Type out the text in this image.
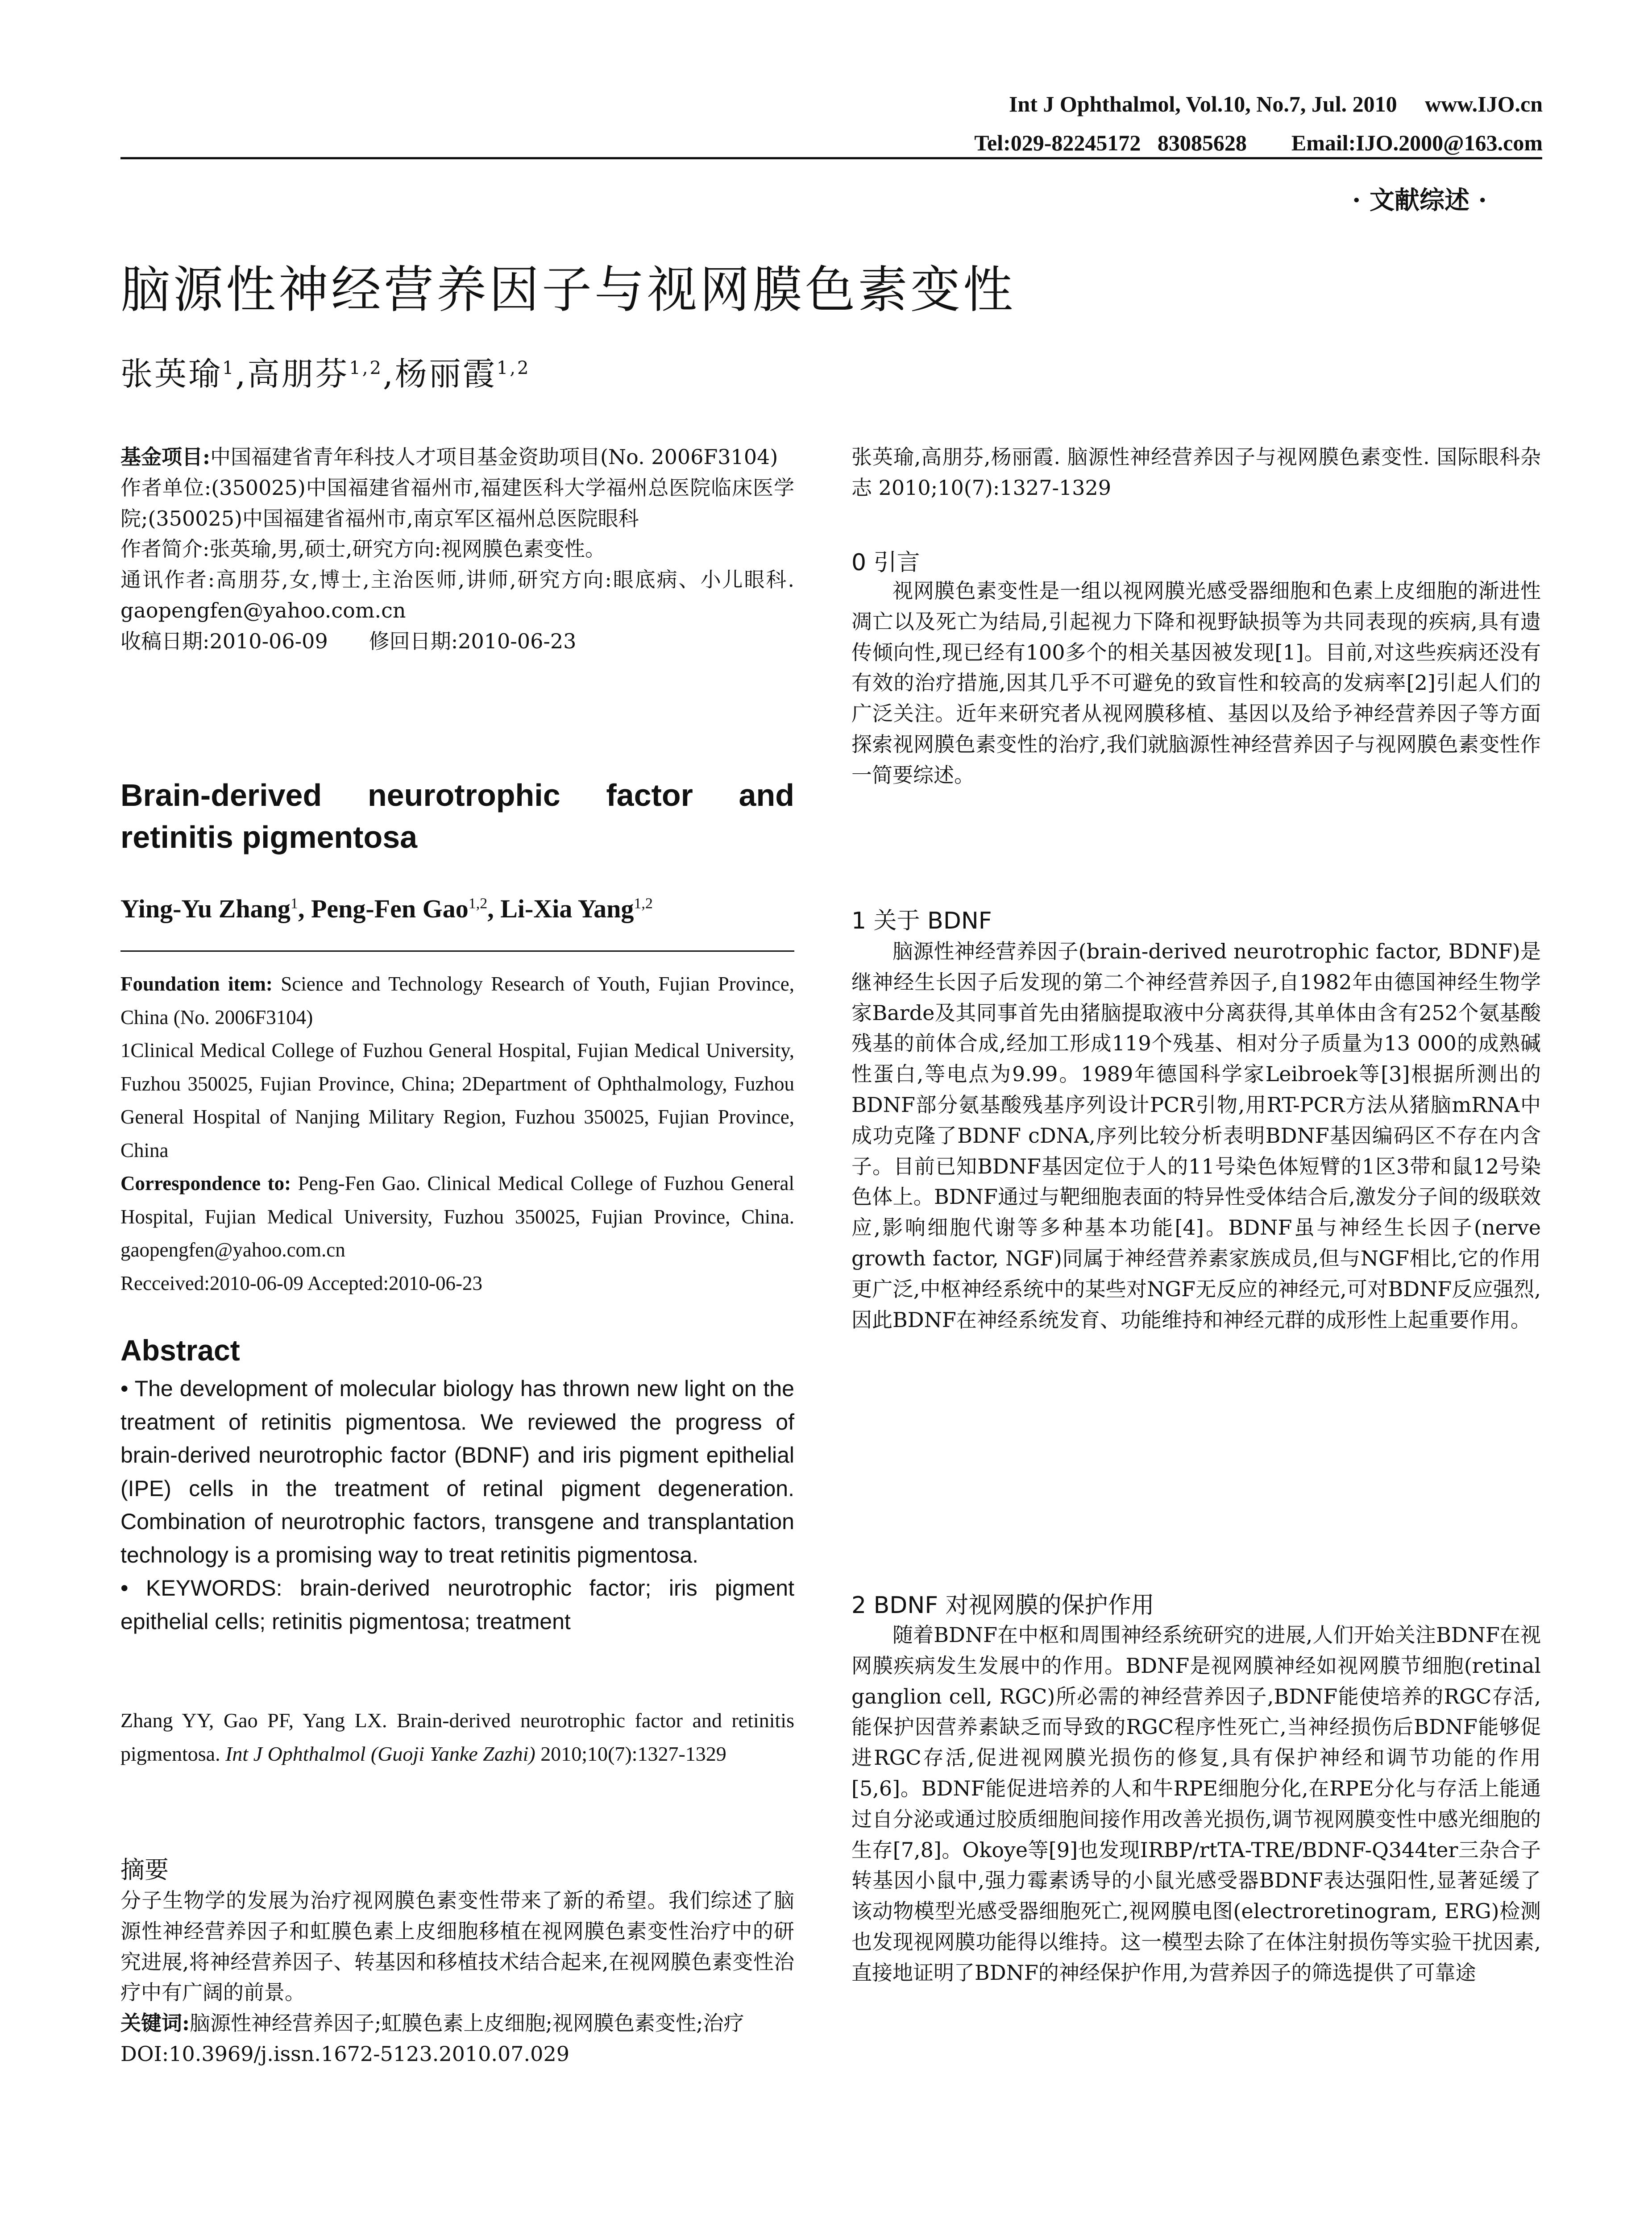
Int J Ophthalmol, Vol.10, No.7, Jul. 2010     www.IJO.cn
Tel:029-82245172   83085628        Email:IJO.2000@163.com
· 文献综述 ·
脑源性神经营养因子与视网膜色素变性
张英瑜$^1$,高朋芬$^{1,2}$,杨丽霞$^{1,2}$

基金项目:中国福建省青年科技人才项目基金资助项目(No. 2006F3104)

作者单位:(350025)中国福建省福州市,福建医科大学福州总医院临床医学院;(350025)中国福建省福州市,南京军区福州总医院眼科

作者简介:张英瑜,男,硕士,研究方向:视网膜色素变性。

通讯作者:高朋芬,女,博士,主治医师,讲师,研究方向:眼底病、小儿眼科. gaopengfen@yahoo.com.cn

收稿日期:2010-06-09　　修回日期:2010-06-23

Brain-derived neurotrophic factor and retinitis pigmentosa
Ying-Yu Zhang$^1$, Peng-Fen Gao$^{1,2}$, Li-Xia Yang$^{1,2}$

Foundation item: Science and Technology Research of Youth, Fujian Province, China (No. 2006F3104)

1Clinical Medical College of Fuzhou General Hospital, Fujian Medical University, Fuzhou 350025, Fujian Province, China; 2Department of Ophthalmology, Fuzhou General Hospital of Nanjing Military Region, Fuzhou 350025, Fujian Province, China

Correspondence to: Peng-Fen Gao. Clinical Medical College of Fuzhou General Hospital, Fujian Medical University, Fuzhou 350025, Fujian Province, China. gaopengfen@yahoo.com.cn

Recceived:2010-06-09 Accepted:2010-06-23

Abstract

• The development of molecular biology has thrown new light on the treatment of retinitis pigmentosa. We reviewed the progress of brain-derived neurotrophic factor (BDNF) and iris pigment epithelial (IPE) cells in the treatment of retinal pigment degeneration. Combination of neurotrophic factors, transgene and transplantation technology is a promising way to treat retinitis pigmentosa.

• KEYWORDS: brain-derived neurotrophic factor; iris pigment epithelial cells; retinitis pigmentosa; treatment

Zhang YY, Gao PF, Yang LX. Brain-derived neurotrophic factor and retinitis pigmentosa. Int J Ophthalmol (Guoji Yanke Zazhi) 2010;10(7):1327-1329

摘要

分子生物学的发展为治疗视网膜色素变性带来了新的希望。我们综述了脑源性神经营养因子和虹膜色素上皮细胞移植在视网膜色素变性治疗中的研究进展,将神经营养因子、转基因和移植技术结合起来,在视网膜色素变性治疗中有广阔的前景。

关键词:脑源性神经营养因子;虹膜色素上皮细胞;视网膜色素变性;治疗

DOI:10.3969/j.issn.1672-5123.2010.07.029

张英瑜,高朋芬,杨丽霞. 脑源性神经营养因子与视网膜色素变性. 国际眼科杂志 2010;10(7):1327-1329

0 引言

视网膜色素变性是一组以视网膜光感受器细胞和色素上皮细胞的渐进性凋亡以及死亡为结局,引起视力下降和视野缺损等为共同表现的疾病,具有遗传倾向性,现已经有100多个的相关基因被发现[1]。目前,对这些疾病还没有有效的治疗措施,因其几乎不可避免的致盲性和较高的发病率[2]引起人们的广泛关注。近年来研究者从视网膜移植、基因以及给予神经营养因子等方面探索视网膜色素变性的治疗,我们就脑源性神经营养因子与视网膜色素变性作一简要综述。

1 关于 BDNF

脑源性神经营养因子(brain-derived neurotrophic factor, BDNF)是继神经生长因子后发现的第二个神经营养因子,自1982年由德国神经生物学家Barde及其同事首先由猪脑提取液中分离获得,其单体由含有252个氨基酸残基的前体合成,经加工形成119个残基、相对分子质量为13 000的成熟碱性蛋白,等电点为9.99。1989年德国科学家Leibroek等[3]根据所测出的BDNF部分氨基酸残基序列设计PCR引物,用RT-PCR方法从猪脑mRNA中成功克隆了BDNF cDNA,序列比较分析表明BDNF基因编码区不存在内含子。目前已知BDNF基因定位于人的11号染色体短臂的1区3带和鼠12号染色体上。BDNF通过与靶细胞表面的特异性受体结合后,激发分子间的级联效应,影响细胞代谢等多种基本功能[4]。BDNF虽与神经生长因子(nerve growth factor, NGF)同属于神经营养素家族成员,但与NGF相比,它的作用更广泛,中枢神经系统中的某些对NGF无反应的神经元,可对BDNF反应强烈,因此BDNF在神经系统发育、功能维持和神经元群的成形性上起重要作用。

2 BDNF 对视网膜的保护作用

随着BDNF在中枢和周围神经系统研究的进展,人们开始关注BDNF在视网膜疾病发生发展中的作用。BDNF是视网膜神经如视网膜节细胞(retinal ganglion cell, RGC)所必需的神经营养因子,BDNF能使培养的RGC存活,能保护因营养素缺乏而导致的RGC程序性死亡,当神经损伤后BDNF能够促进RGC存活,促进视网膜光损伤的修复,具有保护神经和调节功能的作用[5,6]。BDNF能促进培养的人和牛RPE细胞分化,在RPE分化与存活上能通过自分泌或通过胶质细胞间接作用改善光损伤,调节视网膜变性中感光细胞的生存[7,8]。Okoye等[9]也发现IRBP/rtTA-TRE/BDNF-Q344ter三杂合子转基因小鼠中,强力霉素诱导的小鼠光感受器BDNF表达强阳性,显著延缓了该动物模型光感受器细胞死亡,视网膜电图(electroretinogram, ERG)检测也发现视网膜功能得以维持。这一模型去除了在体注射损伤等实验干扰因素,直接地证明了BDNF的神经保护作用,为营养因子的筛选提供了可靠途
